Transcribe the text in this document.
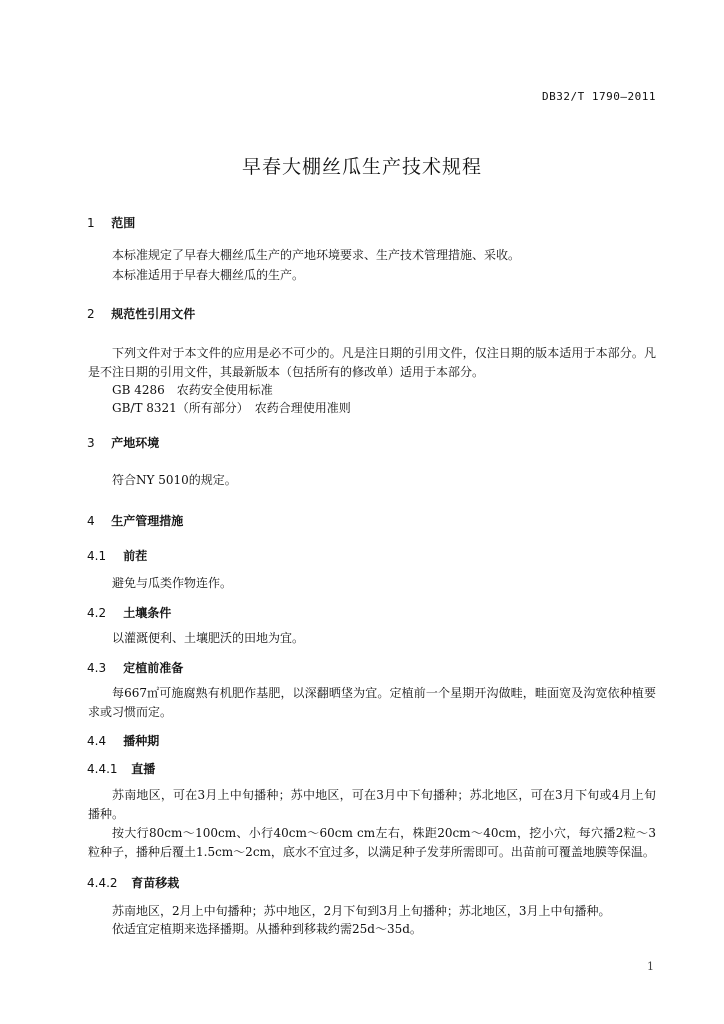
DB32/T 1790—2011
早春大棚丝瓜生产技术规程
1 范围
本标准规定了早春大棚丝瓜生产的产地环境要求、生产技术管理措施、采收。
本标准适用于早春大棚丝瓜的生产。
2 规范性引用文件
下列文件对于本文件的应用是必不可少的。凡是注日期的引用文件，仅注日期的版本适用于本部分。凡是不注日期的引用文件，其最新版本（包括所有的修改单）适用于本部分。
GB 4286　农药安全使用标准
GB/T 8321（所有部分）　农药合理使用准则
3 产地环境
符合NY 5010的规定。
4 生产管理措施
4.1 前茬
避免与瓜类作物连作。
4.2 土壤条件
以灌溉便利、土壤肥沃的田地为宜。
4.3 定植前准备
每667㎡可施腐熟有机肥作基肥，以深翻晒垡为宜。定植前一个星期开沟做畦，畦面宽及沟宽依种植要求或习惯而定。
4.4 播种期
4.4.1 直播
苏南地区，可在3月上中旬播种；苏中地区，可在3月中下旬播种；苏北地区，可在3月下旬或4月上旬播种。
按大行80cm～100cm、小行40cm～60cm cm左右，株距20cm～40cm，挖小穴，每穴播2粒～3粒种子，播种后覆土1.5cm～2cm，底水不宜过多，以满足种子发芽所需即可。出苗前可覆盖地膜等保温。
4.4.2 育苗移栽
苏南地区，2月上中旬播种；苏中地区，2月下旬到3月上旬播种；苏北地区，3月上中旬播种。
依适宜定植期来选择播期。从播种到移栽约需25d～35d。
1
